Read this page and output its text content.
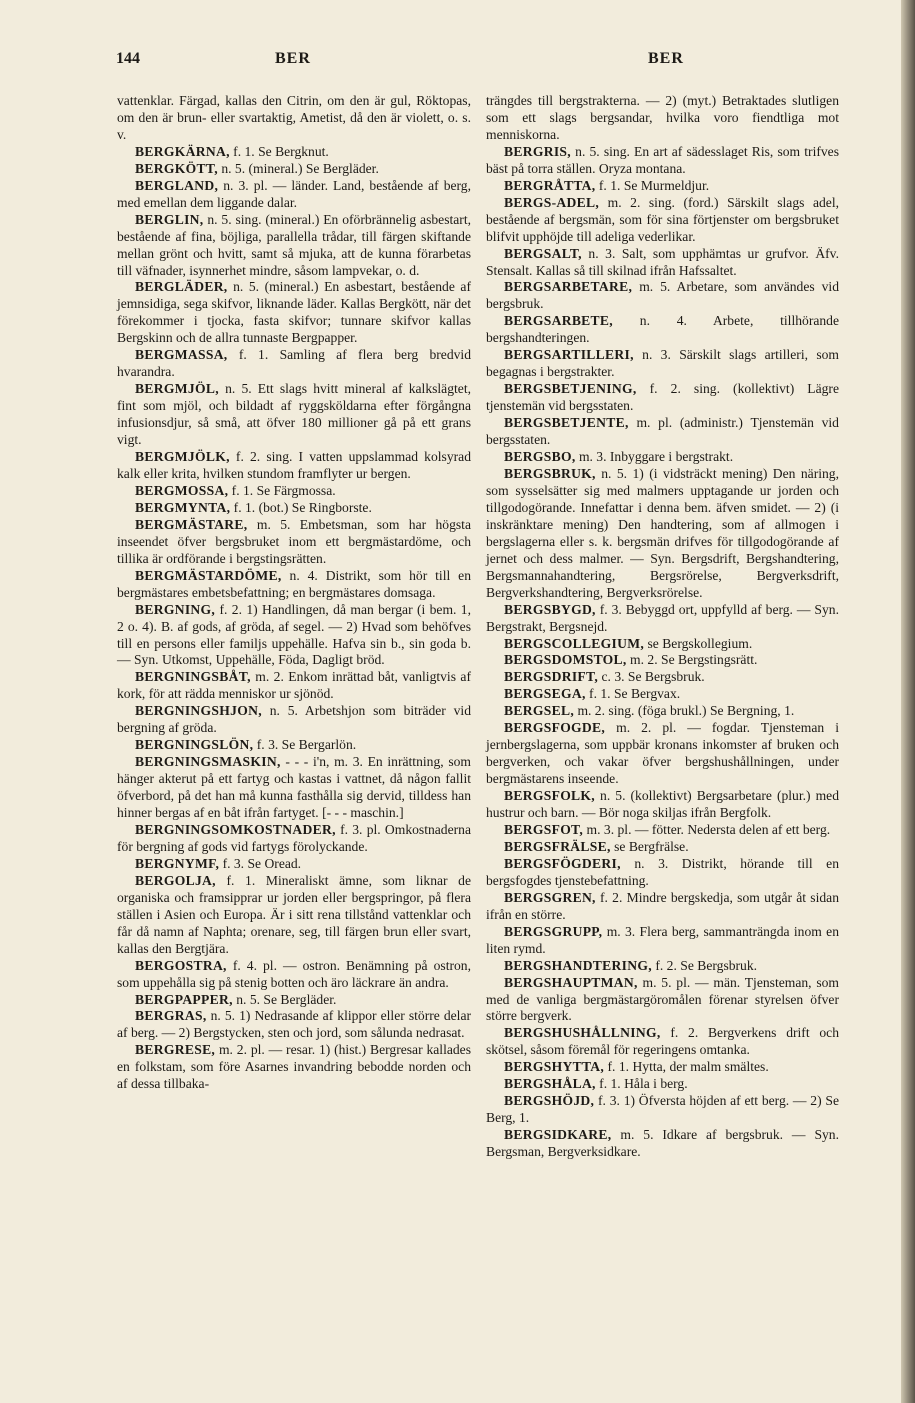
144	BER	BER

vattenklar. Färgad, kallas den Citrin, om den är gul, Röktopas, om den är brun- eller svartaktig, Ametist, då den är violett, o. s. v.

BERGKÄRNA, f. 1. Se Bergknut.

BERGKÖTT, n. 5. (mineral.) Se Bergläder.

BERGLAND, n. 3. pl. — länder. Land, bestående af berg, med emellan dem liggande dalar.

BERGLIN, n. 5. sing. (mineral.) En oförbrännelig asbestart, bestående af fina, böjliga, parallella trådar, till färgen skiftande mellan grönt och hvitt, samt så mjuka, att de kunna förarbetas till väfnader, isynnerhet mindre, såsom lampvekar, o. d.

BERGLÄDER, n. 5. (mineral.) En asbestart, bestående af jemnsidiga, sega skifvor, liknande läder. Kallas Bergkött, när det förekommer i tjocka, fasta skifvor; tunnare skifvor kallas Bergskinn och de allra tunnaste Bergpapper.

BERGMASSA, f. 1. Samling af flera berg bredvid hvarandra.

BERGMJÖL, n. 5. Ett slags hvitt mineral af kalkslägtet, fint som mjöl, och bildadt af ryggsköldarna efter förgångna infusionsdjur, så små, att öfver 180 millioner gå på ett grans vigt.

BERGMJÖLK, f. 2. sing. I vatten uppslammad kolsyrad kalk eller krita, hvilken stundom framflyter ur bergen.

BERGMOSSA, f. 1. Se Färgmossa.

BERGMYNTA, f. 1. (bot.) Se Ringborste.

BERGMÄSTARE, m. 5. Embetsman, som har högsta inseendet öfver bergsbruket inom ett bergmästardöme, och tillika är ordförande i bergstingsrätten.

BERGMÄSTARDÖME, n. 4. Distrikt, som hör till en bergmästares embetsbefattning; en bergmästares domsaga.

BERGNING, f. 2. 1) Handlingen, då man bergar (i bem. 1, 2 o. 4). B. af gods, af gröda, af segel. — 2) Hvad som behöfves till en persons eller familjs uppehälle. Hafva sin b., sin goda b. — Syn. Utkomst, Uppehälle, Föda, Dagligt bröd.

BERGNINGSBÅT, m. 2. Enkom inrättad båt, vanligtvis af kork, för att rädda menniskor ur sjönöd.

BERGNINGSHJON, n. 5. Arbetshjon som biträder vid bergning af gröda.

BERGNINGSLÖN, f. 3. Se Bergarlön.

BERGNINGSMASKIN, - - - i'n, m. 3. En inrättning, som hänger akterut på ett fartyg och kastas i vattnet, då någon fallit öfverbord, på det han må kunna fasthålla sig dervid, tilldess han hinner bergas af en båt ifrån fartyget. [- - - maschin.]

BERGNINGSOMKOSTNADER, f. 3. pl. Omkostnaderna för bergning af gods vid fartygs förolyckande.

BERGNYMF, f. 3. Se Oread.

BERGOLJA, f. 1. Mineraliskt ämne, som liknar de organiska och framsipprar ur jorden eller bergspringor, på flera ställen i Asien och Europa. Är i sitt rena tillstånd vattenklar och får då namn af Naphta; orenare, seg, till färgen brun eller svart, kallas den Bergtjära.

BERGOSTRA, f. 4. pl. — ostron. Benämning på ostron, som uppehålla sig på stenig botten och äro läckrare än andra.

BERGPAPPER, n. 5. Se Bergläder.

BERGRAS, n. 5. 1) Nedrasande af klippor eller större delar af berg. — 2) Bergstycken, sten och jord, som sålunda nedrasat.

BERGRESE, m. 2. pl. — resar. 1) (hist.) Bergresar kallades en folkstam, som före Asarnes invandring bebodde norden och af dessa tillbaka-

trängdes till bergstrakterna. — 2) (myt.) Betraktades slutligen som ett slags bergsandar, hvilka voro fiendtliga mot menniskorna.

BERGRIS, n. 5. sing. En art af sädesslaget Ris, som trifves bäst på torra ställen. Oryza montana.

BERGRÅTTA, f. 1. Se Murmeldjur.

BERGS-ADEL, m. 2. sing. (ford.) Särskilt slags adel, bestående af bergsmän, som för sina förtjenster om bergsbruket blifvit upphöjde till adeliga vederlikar.

BERGSALT, n. 3. Salt, som upphämtas ur grufvor. Äfv. Stensalt. Kallas så till skilnad ifrån Hafssaltet.

BERGSARBETARE, m. 5. Arbetare, som användes vid bergsbruk.

BERGSARBETE, n. 4. Arbete, tillhörande bergshandteringen.

BERGSARTILLERI, n. 3. Särskilt slags artilleri, som begagnas i bergstrakter.

BERGSBETJENING, f. 2. sing. (kollektivt) Lägre tjenstemän vid bergsstaten.

BERGSBETJENTE, m. pl. (administr.) Tjenstemän vid bergsstaten.

BERGSBO, m. 3. Inbyggare i bergstrakt.

BERGSBRUK, n. 5. 1) (i vidsträckt mening) Den näring, som sysselsätter sig med malmers upptagande ur jorden och tillgodogörande. Innefattar i denna bem. äfven smidet. — 2) (i inskränktare mening) Den handtering, som af allmogen i bergslagerna eller s. k. bergsmän drifves för tillgodogörande af jernet och dess malmer. — Syn. Bergsdrift, Bergshandtering, Bergsmannahandtering, Bergsrörelse, Bergverksdrift, Bergverkshandtering, Bergverksrörelse.

BERGSBYGD, f. 3. Bebyggd ort, uppfylld af berg. — Syn. Bergstrakt, Bergsnejd.

BERGSCOLLEGIUM, se Bergskollegium.

BERGSDOMSTOL, m. 2. Se Bergstingsrätt.

BERGSDRIFT, c. 3. Se Bergsbruk.

BERGSEGA, f. 1. Se Bergvax.

BERGSEL, m. 2. sing. (föga brukl.) Se Bergning, 1.

BERGSFOGDE, m. 2. pl. — fogdar. Tjensteman i jernbergslagerna, som uppbär kronans inkomster af bruken och bergverken, och vakar öfver bergshushållningen, under bergmästarens inseende.

BERGSFOLK, n. 5. (kollektivt) Bergsarbetare (plur.) med hustrur och barn. — Bör noga skiljas ifrån Bergfolk.

BERGSFOT, m. 3. pl. — fötter. Nedersta delen af ett berg.

BERGSFRÄLSE, se Bergfrälse.

BERGSFÖGDERI, n. 3. Distrikt, hörande till en bergsfogdes tjenstebefattning.

BERGSGREN, f. 2. Mindre bergskedja, som utgår åt sidan ifrån en större.

BERGSGRUPP, m. 3. Flera berg, sammanträngda inom en liten rymd.

BERGSHANDTERING, f. 2. Se Bergsbruk.

BERGSHAUPTMAN, m. 5. pl. — män. Tjensteman, som med de vanliga bergmästargöromålen förenar styrelsen öfver större bergverk.

BERGSHUSHÅLLNING, f. 2. Bergverkens drift och skötsel, såsom föremål för regeringens omtanka.

BERGSHYTTA, f. 1. Hytta, der malm smältes.

BERGSHÅLA, f. 1. Håla i berg.

BERGSHÖJD, f. 3. 1) Öfversta höjden af ett berg. — 2) Se Berg, 1.

BERGSIDKARE, m. 5. Idkare af bergsbruk. — Syn. Bergsman, Bergverksidkare.
